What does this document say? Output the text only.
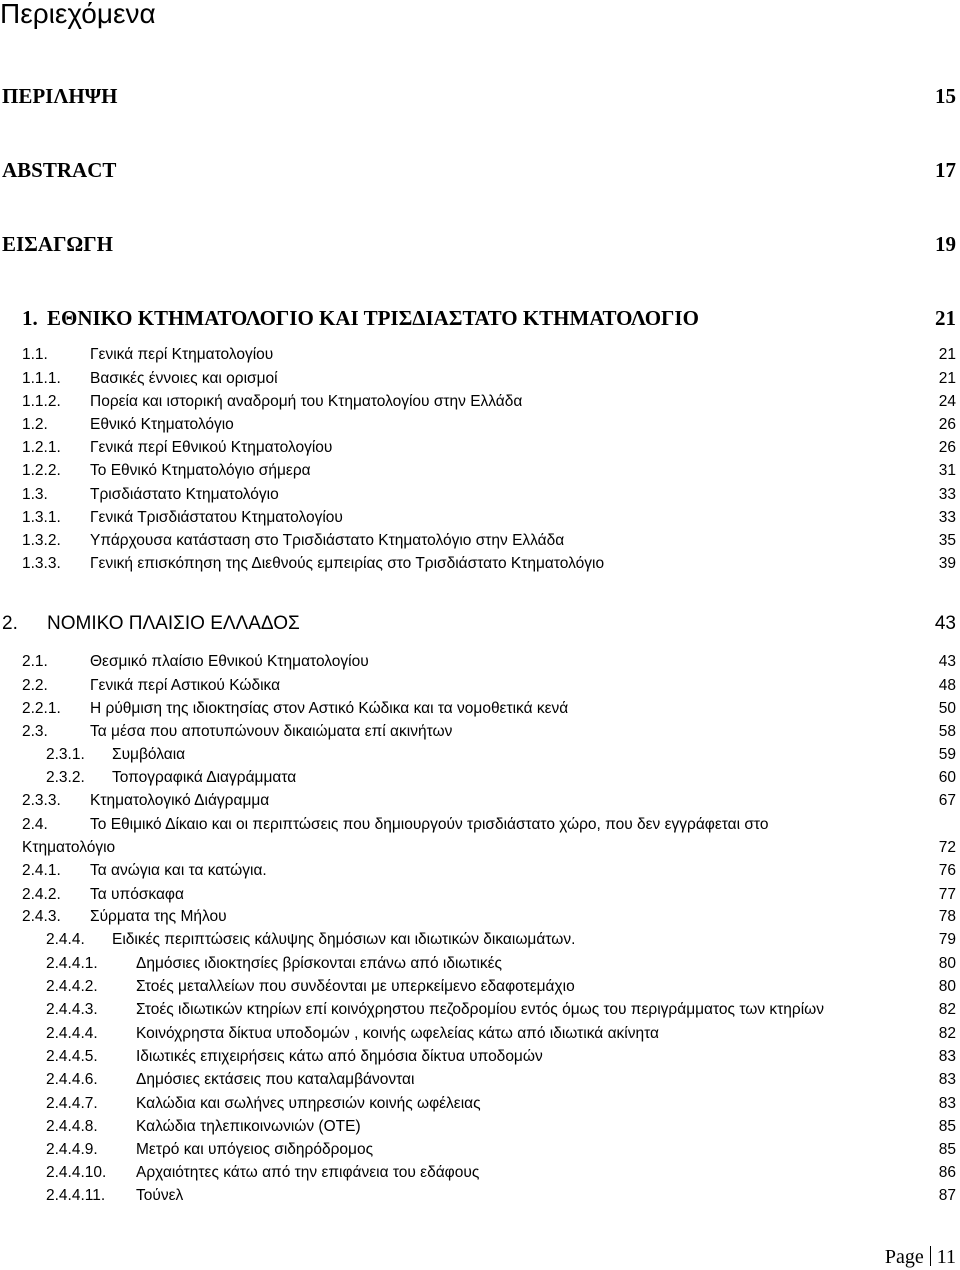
Περιεχόμενα
ΠΕΡΙΛΗΨΗ	15
ABSTRACT	17
ΕΙΣΑΓΩΓΗ	19
1. ΕΘΝΙΚΟ ΚΤΗΜΑΤΟΛΟΓΙΟ ΚΑΙ ΤΡΙΣΔΙΑΣΤΑΤΟ ΚΤΗΜΑΤΟΛΟΓΙΟ	21
1.1.	Γενικά περί Κτηματολογίου	21
1.1.1. Βασικές έννοιες και ορισμοί	21
1.1.2. Πορεία και ιστορική αναδρομή του Κτηματολογίου στην Ελλάδα	24
1.2.	Εθνικό Κτηματολόγιο	26
1.2.1. Γενικά περί Εθνικού Κτηματολογίου	26
1.2.2. Το Εθνικό Κτηματολόγιο σήμερα	31
1.3.	Τρισδιάστατο Κτηματολόγιο	33
1.3.1. Γενικά Τρισδιάστατου Κτηματολογίου	33
1.3.2. Υπάρχουσα κατάσταση στο Τρισδιάστατο Κτηματολόγιο στην Ελλάδα	35
1.3.3. Γενική επισκόπηση της Διεθνούς εμπειρίας στο Τρισδιάστατο Κτηματολόγιο	39
2. ΝΟΜΙΚΟ ΠΛΑΙΣΙΟ ΕΛΛΑΔΟΣ	43
2.1.	Θεσμικό πλαίσιο Εθνικού Κτηματολογίου	43
2.2.	Γενικά περί Αστικού Κώδικα	48
2.2.1. Η ρύθμιση της ιδιοκτησίας στον Αστικό Κώδικα και τα νομοθετικά κενά	50
2.3.	Τα μέσα που αποτυπώνουν δικαιώματα επί ακινήτων	58
2.3.1. Συμβόλαια	59
2.3.2. Τοπογραφικά Διαγράμματα	60
2.3.3. Κτηματολογικό Διάγραμμα	67
2.4.	Το Εθιμικό Δίκαιο και οι περιπτώσεις που δημιουργούν τρισδιάστατο χώρο, που δεν εγγράφεται στο
Κτηματολόγιο	72
2.4.1. Τα ανώγια και τα κατώγια.	76
2.4.2. Τα υπόσκαφα	77
2.4.3. Σύρματα της Μήλου	78
2.4.4. Ειδικές περιπτώσεις κάλυψης δημόσιων και ιδιωτικών δικαιωμάτων.	79
2.4.4.1. Δημόσιες ιδιοκτησίες βρίσκονται επάνω από ιδιωτικές	80
2.4.4.2. Στοές μεταλλείων που συνδέονται με υπερκείμενο εδαφοτεμάχιο	80
2.4.4.3. Στοές ιδιωτικών κτηρίων επί κοινόχρηστου πεζοδρομίου εντός όμως του περιγράμματος των κτηρίων	82
2.4.4.4. Κοινόχρηστα δίκτυα υποδομών , κοινής ωφελείας κάτω από ιδιωτικά ακίνητα	82
2.4.4.5. Ιδιωτικές επιχειρήσεις κάτω από δημόσια δίκτυα υποδομών	83
2.4.4.6. Δημόσιες εκτάσεις που καταλαμβάνονται	83
2.4.4.7. Καλώδια και σωλήνες υπηρεσιών κοινής ωφέλειας	83
2.4.4.8. Καλώδια τηλεπικοινωνιών (ΟΤΕ)	85
2.4.4.9. Μετρό και υπόγειος σιδηρόδρομος	85
2.4.4.10. Αρχαιότητες κάτω από την επιφάνεια του εδάφους	86
2.4.4.11. Τούνελ	87
Page 11
